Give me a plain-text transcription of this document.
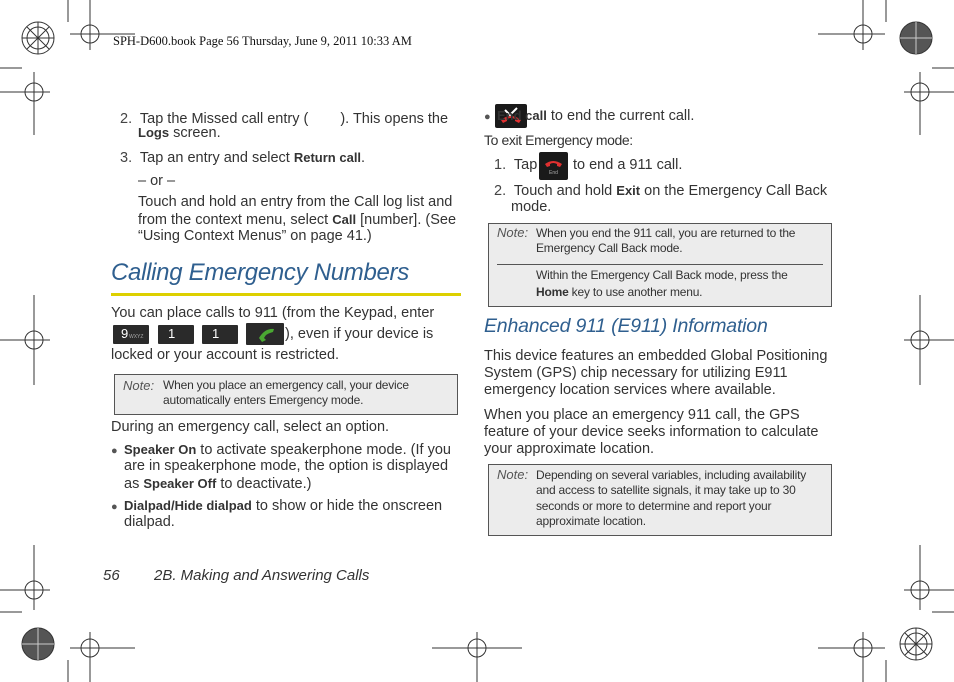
SPH-D600.book Page 56 Thursday, June 9, 2011 10:33 AM
2. Tap the Missed call entry ( ). This opens the
Logs screen.
3. Tap an entry and select Return call.
– or –
Touch and hold an entry from the Call log list and
from the context menu, select Call [number]. (See
“Using Context Menus” on page 41.)
Calling Emergency Numbers
You can place calls to 911 (from the Keypad, enter
9 WXYZ 1	1	), even if your device is
locked or your account is restricted.
Note: When you place an emergency call, your device
automatically enters Emergency mode.
During an emergency call, select an option.
● Speaker On to activate speakerphone mode. (If you
are in speakerphone mode, the option is displayed
as Speaker Off to deactivate.)
● Dialpad/Hide dialpad to show or hide the onscreen
dialpad.
● End call to end the current call.
To exit Emergency mode:
1. Tap End to end a 911 call.
2. Touch and hold Exit on the Emergency Call Back
mode.
Note: When you end the 911 call, you are returned to the
Emergency Call Back mode.
Within the Emergency Call Back mode, press the
Home key to use another menu.
Enhanced 911 (E911) Information
This device features an embedded Global Positioning
System (GPS) chip necessary for utilizing E911
emergency location services where available.
When you place an emergency 911 call, the GPS
feature of your device seeks information to calculate
your approximate location.
Note: Depending on several variables, including availability
and access to satellite signals, it may take up to 30
seconds or more to determine and report your
approximate location.
56 2B. Making and Answering Calls
